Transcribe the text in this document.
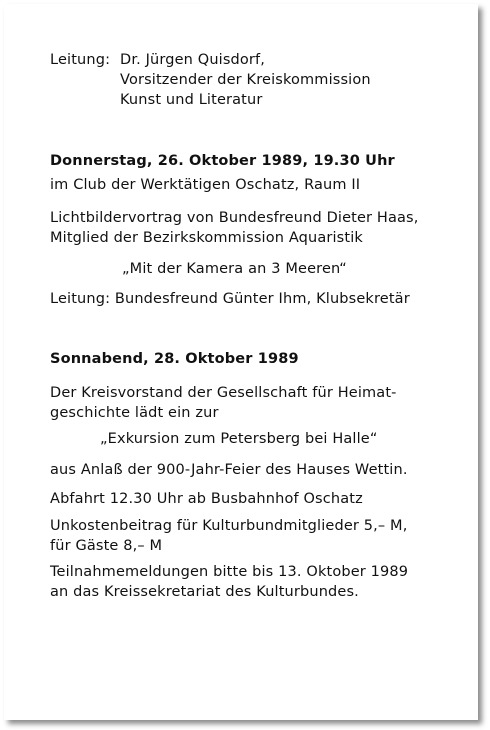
Leitung: Dr. Jürgen Quisdorf,
Vorsitzender der Kreiskommission
Kunst und Literatur
Donnerstag, 26. Oktober 1989, 19.30 Uhr
im Club der Werktätigen Oschatz, Raum II
Lichtbildervortrag von Bundesfreund Dieter Haas,
Mitglied der Bezirkskommission Aquaristik
„Mit der Kamera an 3 Meeren“
Leitung: Bundesfreund Günter Ihm, Klubsekretär
Sonnabend, 28. Oktober 1989
Der Kreisvorstand der Gesellschaft für Heimat-
geschichte lädt ein zur
„Exkursion zum Petersberg bei Halle“
aus Anlaß der 900-Jahr-Feier des Hauses Wettin.
Abfahrt 12.30 Uhr ab Busbahnhof Oschatz
Unkostenbeitrag für Kulturbundmitglieder 5,– M,
für Gäste 8,– M
Teilnahmemeldungen bitte bis 13. Oktober 1989
an das Kreissekretariat des Kulturbundes.
